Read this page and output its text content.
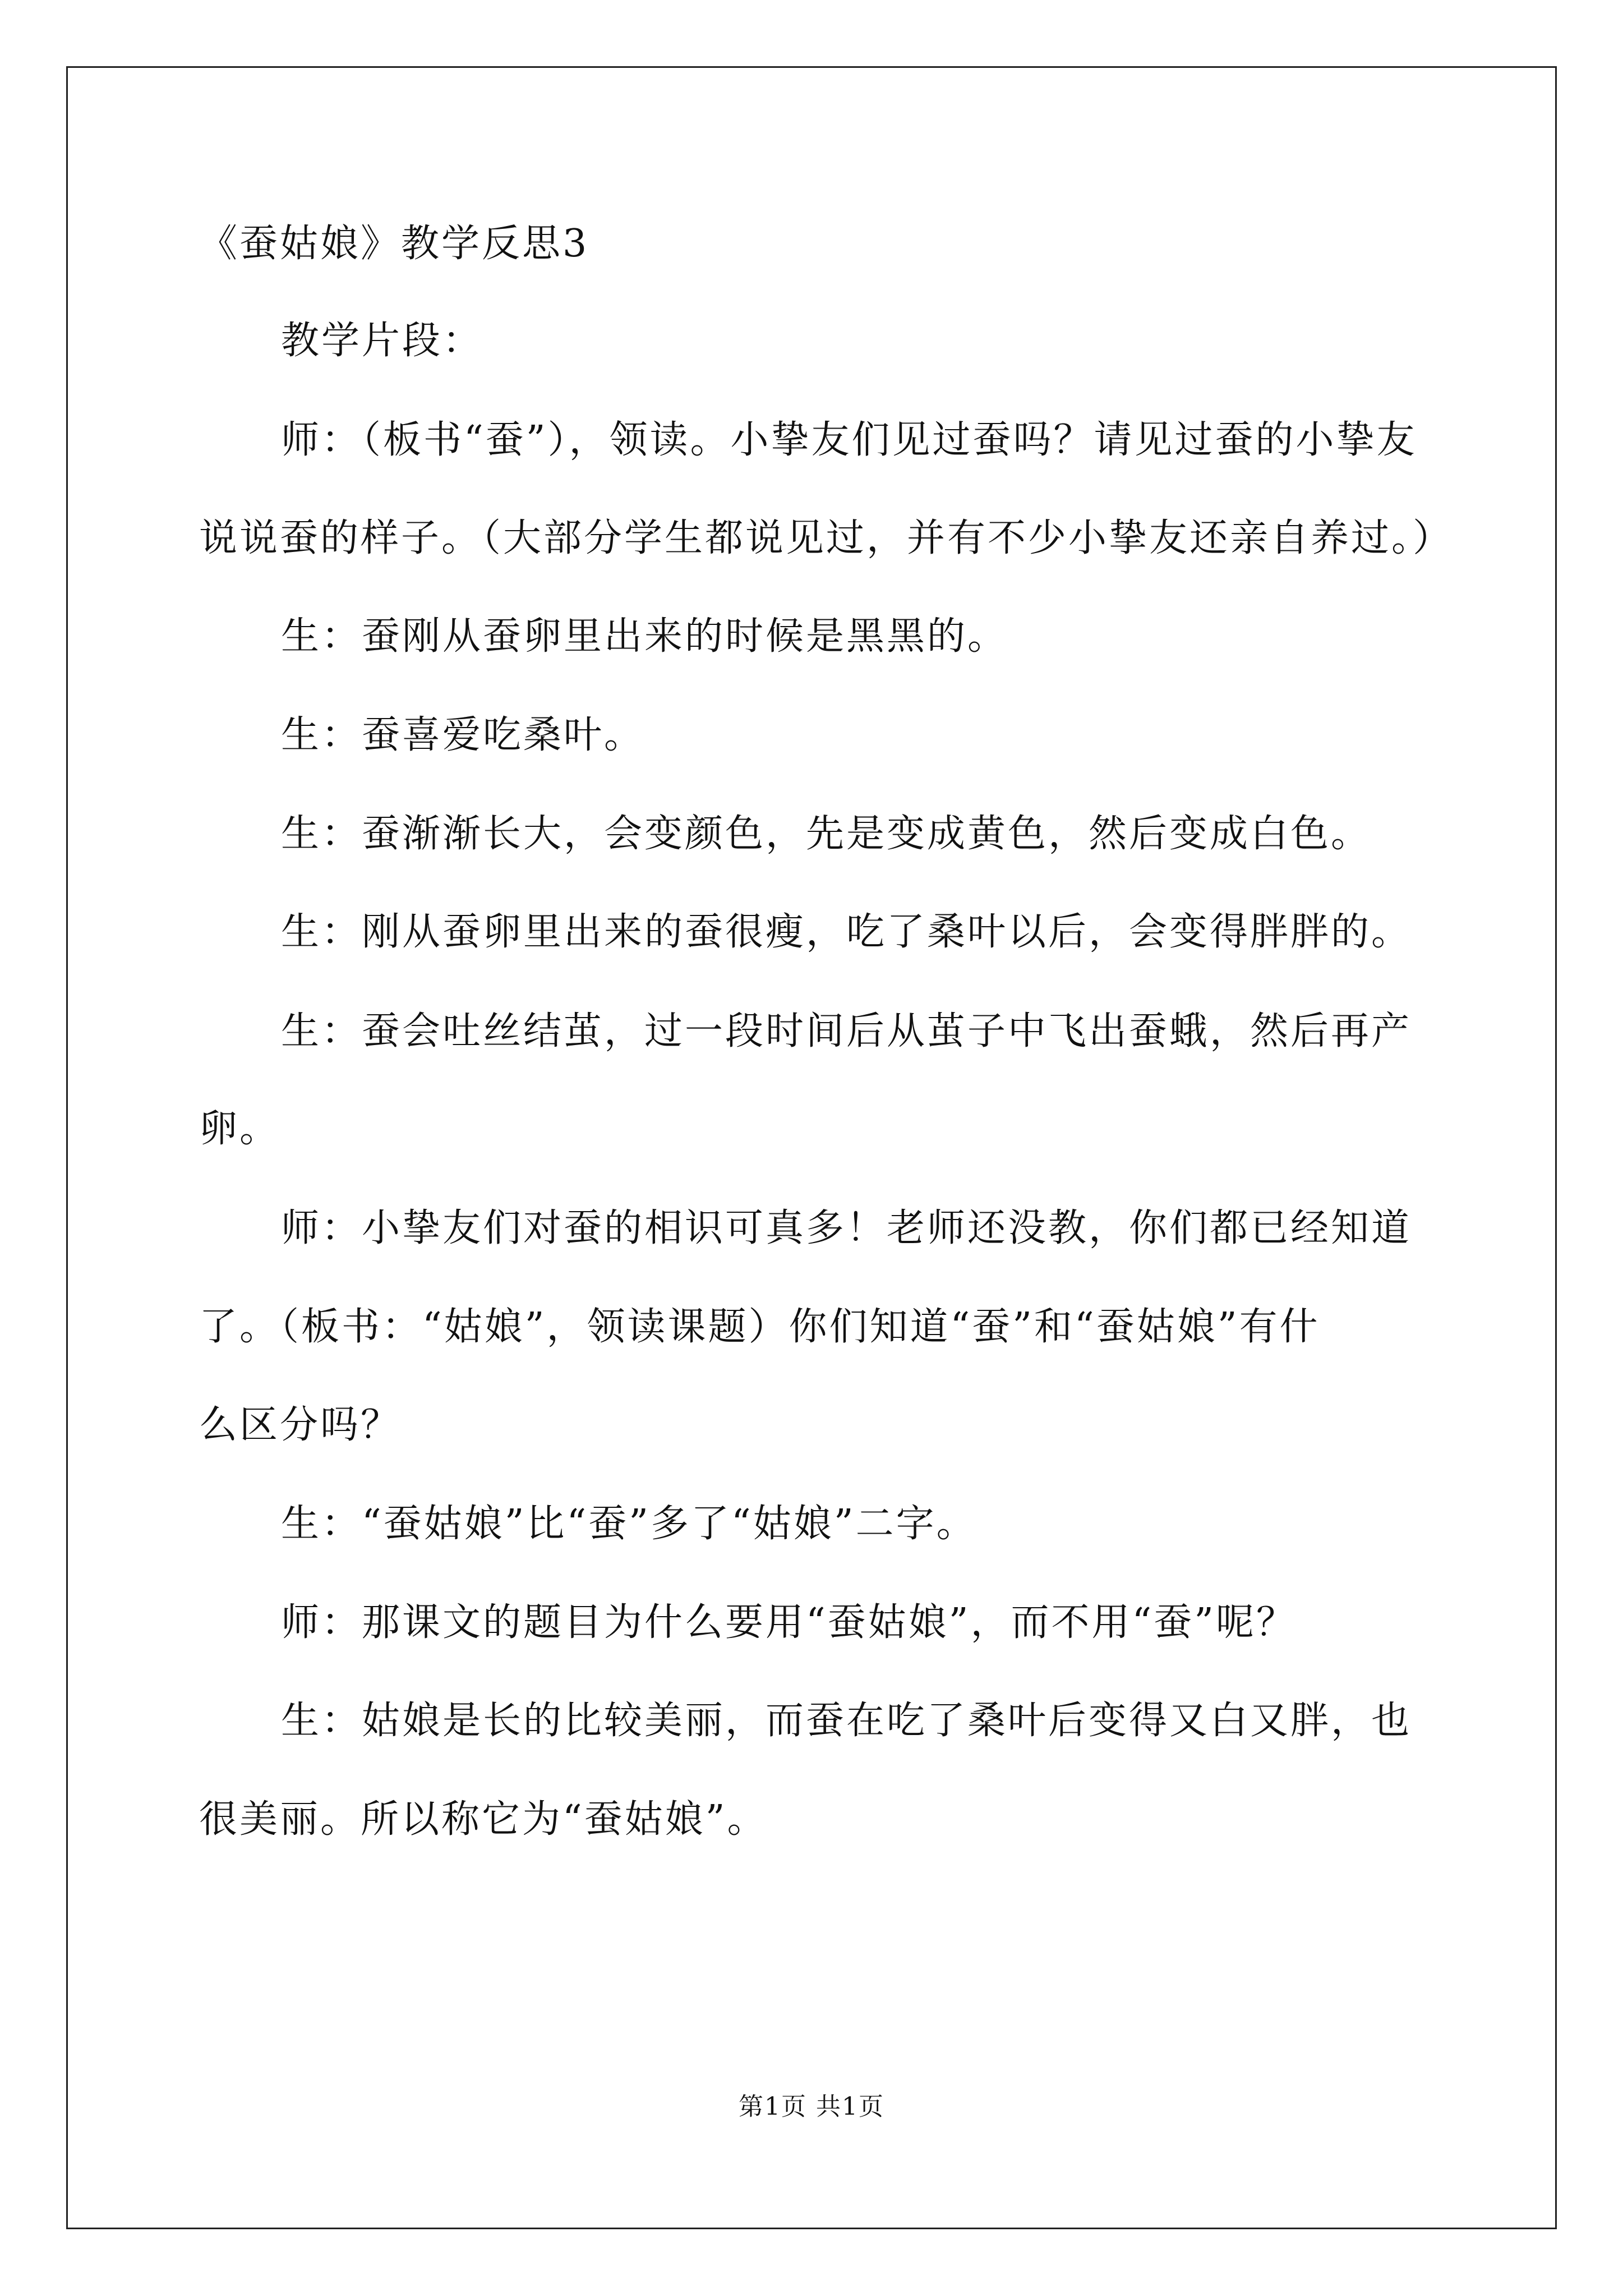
《蚕姑娘》教学反思3
教学片段：
师：（板书“蚕”），领读。小挚友们见过蚕吗？请见过蚕的小挚友
说说蚕的样子。（大部分学生都说见过，并有不少小挚友还亲自养过。）
生：蚕刚从蚕卵里出来的时候是黑黑的。
生：蚕喜爱吃桑叶。
生：蚕渐渐长大，会变颜色，先是变成黄色，然后变成白色。
生：刚从蚕卵里出来的蚕很瘦，吃了桑叶以后，会变得胖胖的。
生：蚕会吐丝结茧，过一段时间后从茧子中飞出蚕蛾，然后再产
卵。
师：小挚友们对蚕的相识可真多！老师还没教，你们都已经知道
了。（板书：“姑娘”，领读课题）你们知道“蚕”和“蚕姑娘”有什
么区分吗？
生：“蚕姑娘”比“蚕”多了“姑娘”二字。
师：那课文的题目为什么要用“蚕姑娘”，而不用“蚕”呢？
生：姑娘是长的比较美丽，而蚕在吃了桑叶后变得又白又胖，也
很美丽。所以称它为“蚕姑娘”。
第1页 共1页
